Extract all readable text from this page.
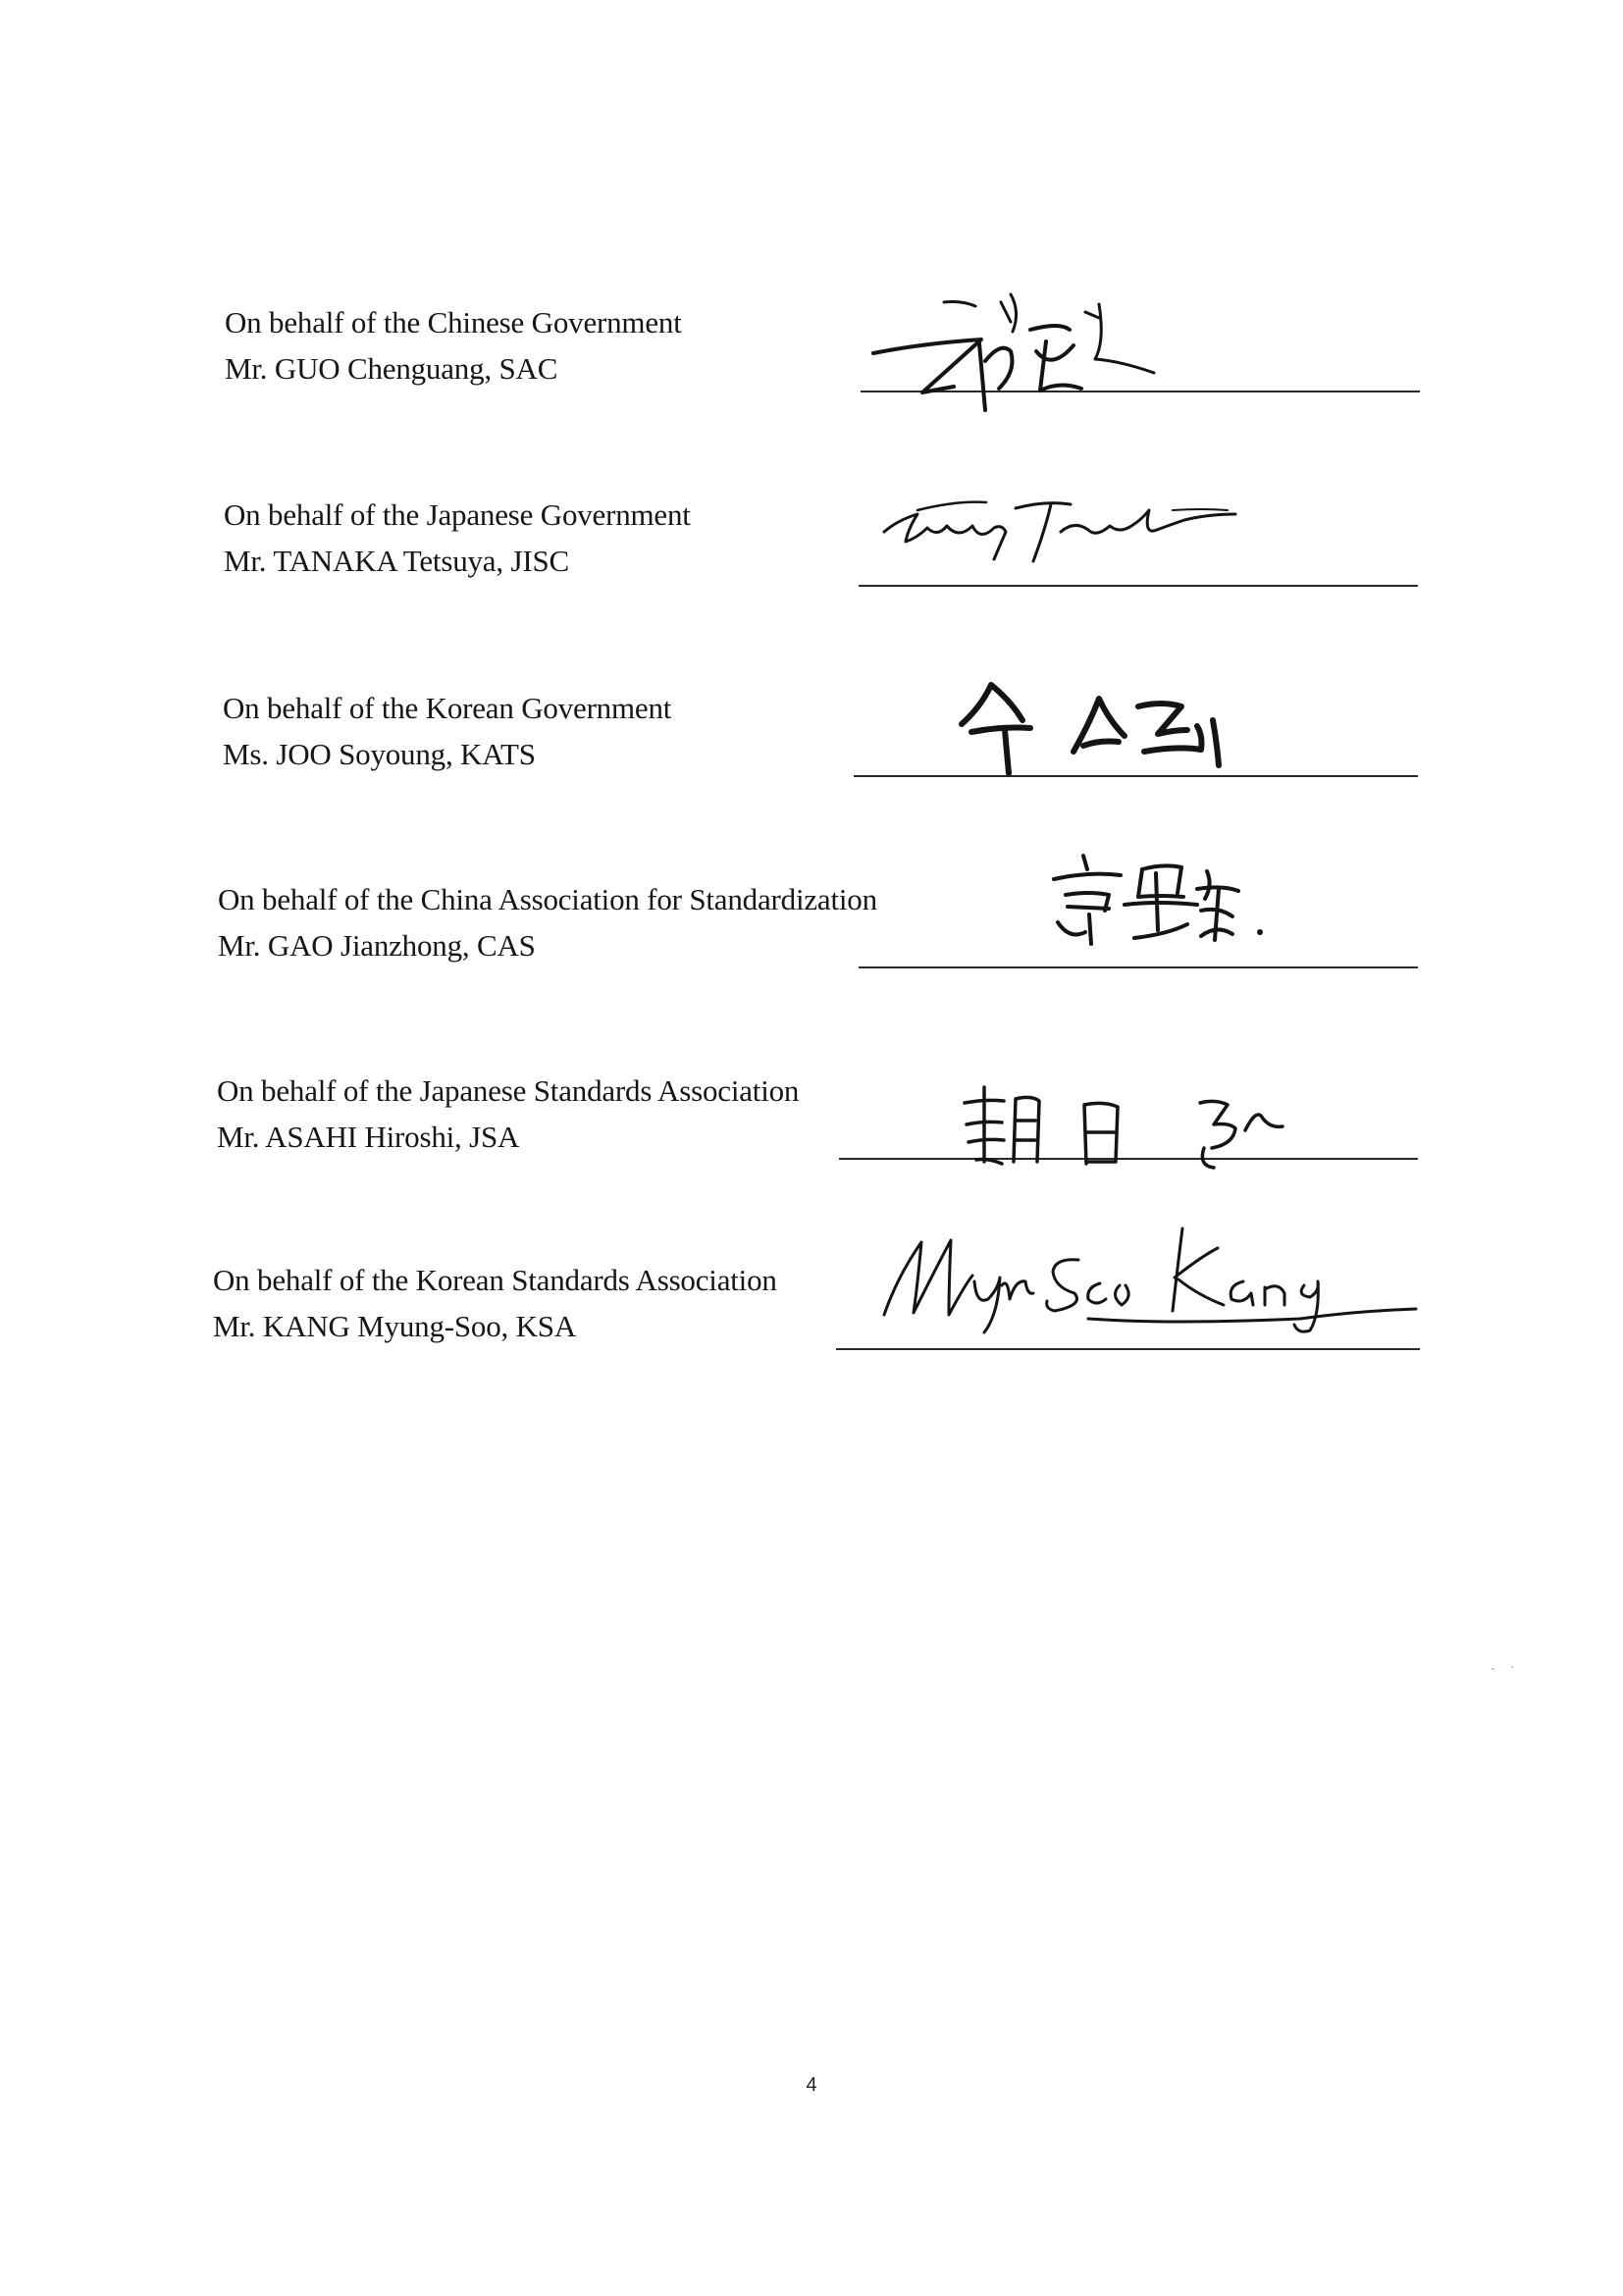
On behalf of the Chinese Government
Mr. GUO Chenguang, SAC
On behalf of the Japanese Government
Mr. TANAKA Tetsuya, JISC
On behalf of the Korean Government
Ms. JOO Soyoung, KATS
On behalf of the China Association for Standardization
Mr. GAO Jianzhong, CAS
On behalf of the Japanese Standards Association
Mr. ASAHI Hiroshi, JSA
On behalf of the Korean Standards Association
Mr. KANG Myung-Soo, KSA
4
